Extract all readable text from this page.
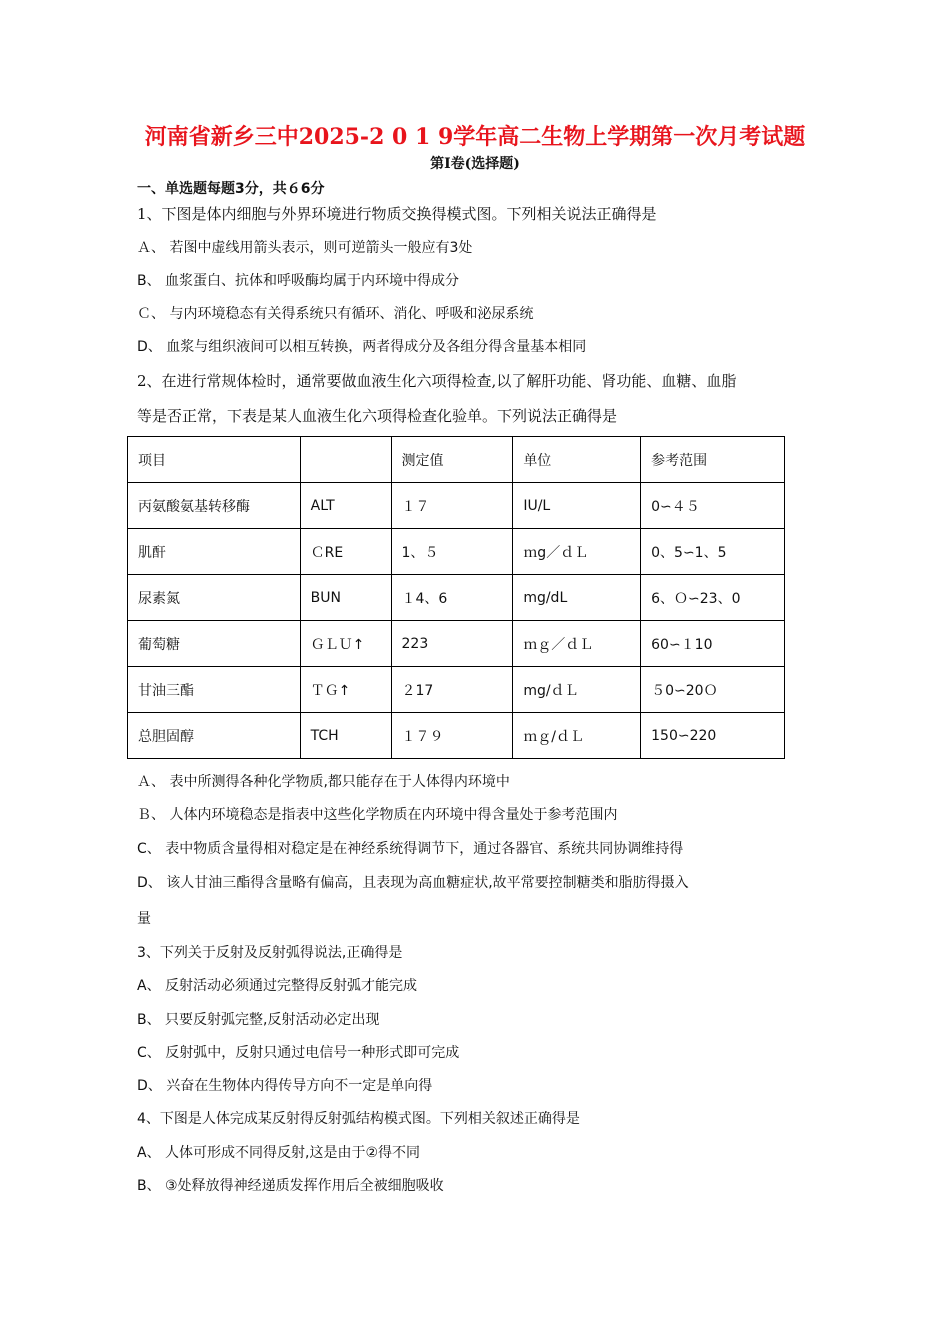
河南省新乡三中2025-2 0 1 9学年高二生物上学期第一次月考试题
第Ⅰ卷(选择题)
一、单选题每题3分，共６6分
1、下图是体内细胞与外界环境进行物质交换得模式图。下列相关说法正确得是
Ａ、 若图中虚线用箭头表示，则可逆箭头一般应有3处
B、 血浆蛋白、抗体和呼吸酶均属于内环境中得成分
Ｃ、 与内环境稳态有关得系统只有循环、消化、呼吸和泌尿系统
D、 血浆与组织液间可以相互转换，两者得成分及各组分得含量基本相同
2、在进行常规体检时，通常要做血液生化六项得检查,以了解肝功能、肾功能、血糖、血脂
等是否正常，下表是某人血液生化六项得检查化验单。下列说法正确得是
项目		测定值	单位	参考范围
丙氨酸氨基转移酶	ALT	１７	IU/L	0∽４５
肌酐	ＣRE	1、５	ｍg／ｄＬ	0、5∽1、5
尿素氮	BUN	１4、6	mg/dL	6、Ｏ∽23、0
葡萄糖	ＧＬＵ↑	223	ｍｇ／ｄＬ	60∽１10
甘油三酯	ＴＧ↑	２17	mg/ｄＬ	５0∽20Ｏ
总胆固醇	TCH	１７９	ｍｇ/ｄＬ	150∽220
Ａ、 表中所测得各种化学物质,都只能存在于人体得内环境中
Ｂ、 人体内环境稳态是指表中这些化学物质在内环境中得含量处于参考范围内
C、 表中物质含量得相对稳定是在神经系统得调节下，通过各器官、系统共同协调维持得
D、 该人甘油三酯得含量略有偏高，且表现为高血糖症状,故平常要控制糖类和脂肪得摄入
量
3、下列关于反射及反射弧得说法,正确得是
A、 反射活动必须通过完整得反射弧才能完成
B、 只要反射弧完整,反射活动必定出现
C、 反射弧中，反射只通过电信号一种形式即可完成
D、 兴奋在生物体内得传导方向不一定是单向得
4、下图是人体完成某反射得反射弧结构模式图。下列相关叙述正确得是
A、 人体可形成不同得反射,这是由于②得不同
B、 ③处释放得神经递质发挥作用后全被细胞吸收
